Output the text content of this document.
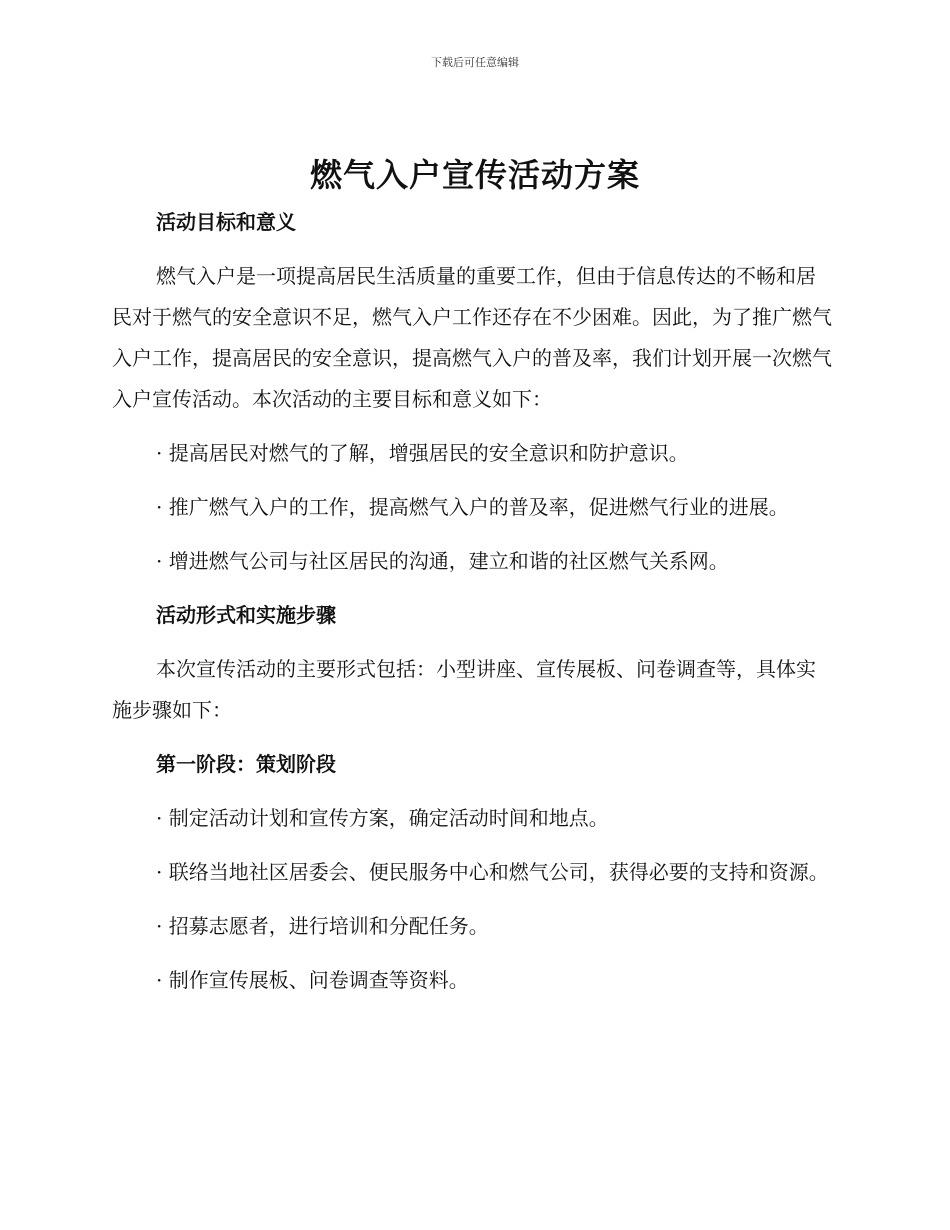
下载后可任意编辑
燃气入户宣传活动方案

活动目标和意义

燃气入户是一项提高居民生活质量的重要工作，但由于信息传达的不畅和居民对于燃气的安全意识不足，燃气入户工作还存在不少困难。因此，为了推广燃气入户工作，提高居民的安全意识，提高燃气入户的普及率，我们计划开展一次燃气入户宣传活动。本次活动的主要目标和意义如下：

· 提高居民对燃气的了解，增强居民的安全意识和防护意识。

· 推广燃气入户的工作，提高燃气入户的普及率，促进燃气行业的进展。

· 增进燃气公司与社区居民的沟通，建立和谐的社区燃气关系网。

活动形式和实施步骤

本次宣传活动的主要形式包括：小型讲座、宣传展板、问卷调查等，具体实施步骤如下：

第一阶段：策划阶段

· 制定活动计划和宣传方案，确定活动时间和地点。

· 联络当地社区居委会、便民服务中心和燃气公司，获得必要的支持和资源。

· 招募志愿者，进行培训和分配任务。

· 制作宣传展板、问卷调查等资料。
